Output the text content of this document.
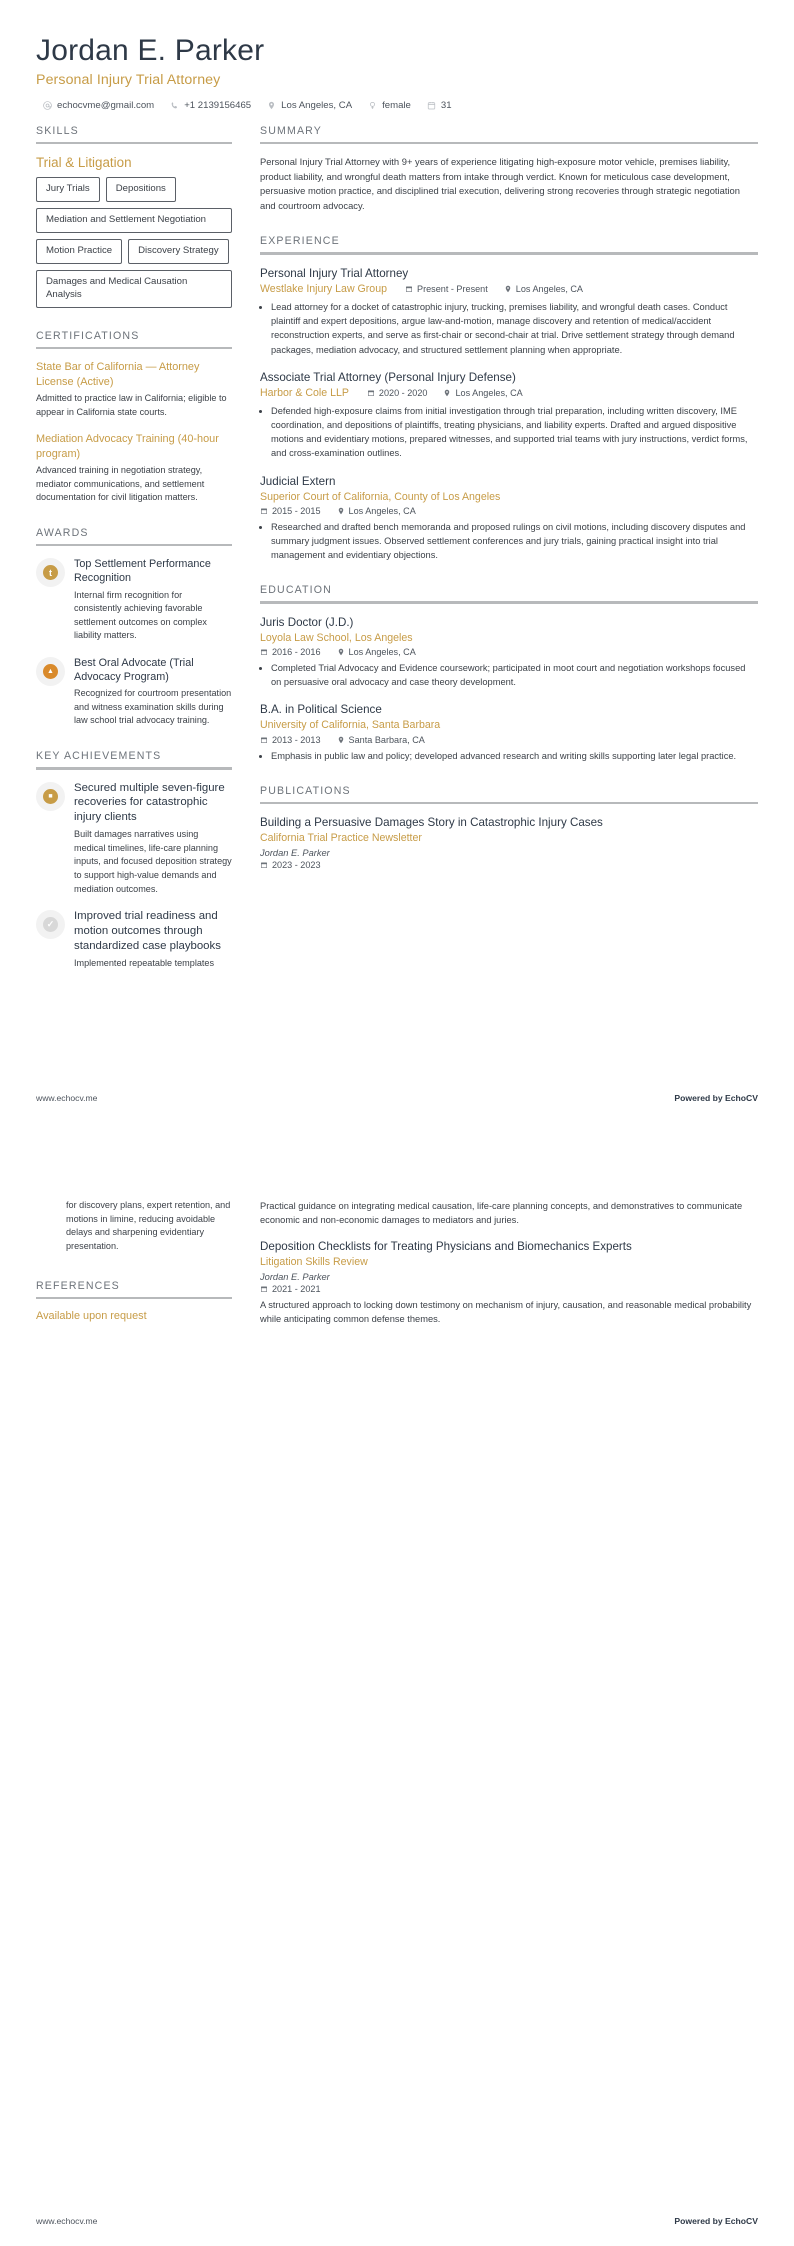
Jordan E. Parker
Personal Injury Trial Attorney
echocvme@gmail.com	+1 2139156465	Los Angeles, CA	female	31
SKILLS
Trial & Litigation
Jury Trials	Depositions
Mediation and Settlement Negotiation
Motion Practice	Discovery Strategy
Damages and Medical Causation Analysis
CERTIFICATIONS
State Bar of California — Attorney License (Active)

Admitted to practice law in California; eligible to appear in California state courts.

Mediation Advocacy Training (40-hour program)

Advanced training in negotiation strategy, mediator communications, and settlement documentation for civil litigation matters.

AWARDS
t
Top Settlement Performance Recognition

Internal firm recognition for consistently achieving favorable settlement outcomes on complex liability matters.

▲
Best Oral Advocate (Trial Advocacy Program)

Recognized for courtroom presentation and witness examination skills during law school trial advocacy training.

KEY ACHIEVEMENTS
■
Secured multiple seven-figure recoveries for catastrophic injury clients

Built damages narratives using medical timelines, life-care planning inputs, and focused deposition strategy to support high-value demands and mediation outcomes.

✓
Improved trial readiness and motion outcomes through standardized case playbooks

Implemented repeatable templates

SUMMARY

Personal Injury Trial Attorney with 9+ years of experience litigating high-exposure motor vehicle, premises liability, product liability, and wrongful death matters from intake through verdict. Known for meticulous case development, persuasive motion practice, and disciplined trial execution, delivering strong recoveries through strategic negotiation and courtroom advocacy.

EXPERIENCE
Personal Injury Trial Attorney
Westlake Injury Law Group	Present - Present	Los Angeles, CA
• Lead attorney for a docket of catastrophic injury, trucking, premises liability, and wrongful death cases. Conduct plaintiff and expert depositions, argue law-and-motion, manage discovery and retention of medical/accident reconstruction experts, and serve as first-chair or second-chair at trial. Drive settlement strategy through demand packages, mediation advocacy, and structured settlement planning when appropriate.
Associate Trial Attorney (Personal Injury Defense)
Harbor & Cole LLP	2020 - 2020	Los Angeles, CA
• Defended high-exposure claims from initial investigation through trial preparation, including written discovery, IME coordination, and depositions of plaintiffs, treating physicians, and liability experts. Drafted and argued dispositive motions and evidentiary motions, prepared witnesses, and supported trial teams with jury instructions, verdict forms, and cross-examination outlines.
Judicial Extern
Superior Court of California, County of Los Angeles
2015 - 2015	Los Angeles, CA
• Researched and drafted bench memoranda and proposed rulings on civil motions, including discovery disputes and summary judgment issues. Observed settlement conferences and jury trials, gaining practical insight into trial management and evidentiary objections.
EDUCATION
Juris Doctor (J.D.)
Loyola Law School, Los Angeles
2016 - 2016	Los Angeles, CA
• Completed Trial Advocacy and Evidence coursework; participated in moot court and negotiation workshops focused on persuasive oral advocacy and case theory development.
B.A. in Political Science
University of California, Santa Barbara
2013 - 2013	Santa Barbara, CA
• Emphasis in public law and policy; developed advanced research and writing skills supporting later legal practice.
PUBLICATIONS
Building a Persuasive Damages Story in Catastrophic Injury Cases
California Trial Practice Newsletter

Jordan E. Parker

2023 - 2023
www.echocv.me	Powered by EchoCV

for discovery plans, expert retention, and motions in limine, reducing avoidable delays and sharpening evidentiary presentation.

REFERENCES
Available upon request

Practical guidance on integrating medical causation, life-care planning concepts, and demonstratives to communicate economic and non-economic damages to mediators and juries.

Deposition Checklists for Treating Physicians and Biomechanics Experts
Litigation Skills Review

Jordan E. Parker

2021 - 2021

A structured approach to locking down testimony on mechanism of injury, causation, and reasonable medical probability while anticipating common defense themes.

www.echocv.me	Powered by EchoCV
